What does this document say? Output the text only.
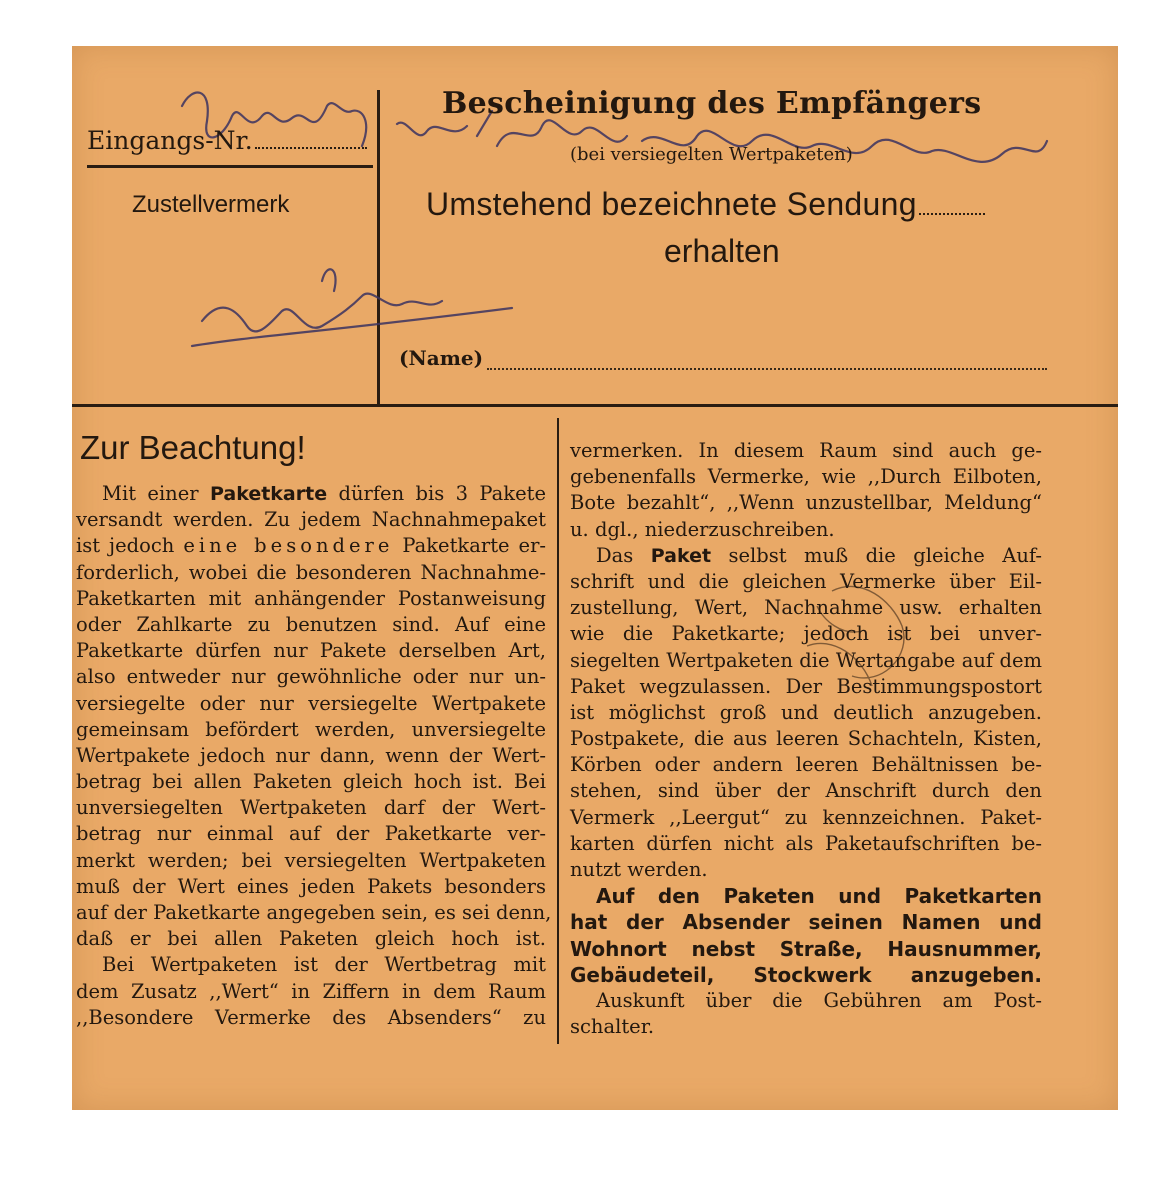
Eingangs-Nr.
Zustellvermerk
Bescheinigung des Empfängers
(bei versiegelten Wertpaketen)
Umstehend bezeichnete Sendung
erhalten
(Name)
Zur Beachtung!
Mit einer Paketkarte dürfen bis 3 Pakete
versandt werden. Zu jedem Nachnahmepaket
ist jedoch eine besondere Paketkarte er-
forderlich, wobei die besonderen Nachnahme-
Paketkarten mit anhängender Postanweisung
oder Zahlkarte zu benutzen sind. Auf eine
Paketkarte dürfen nur Pakete derselben Art,
also entweder nur gewöhnliche oder nur un-
versiegelte oder nur versiegelte Wertpakete
gemeinsam befördert werden, unversiegelte
Wertpakete jedoch nur dann, wenn der Wert-
betrag bei allen Paketen gleich hoch ist. Bei
unversiegelten Wertpaketen darf der Wert-
betrag nur einmal auf der Paketkarte ver-
merkt werden; bei versiegelten Wertpaketen
muß der Wert eines jeden Pakets besonders
auf der Paketkarte angegeben sein, es sei denn,
daß er bei allen Paketen gleich hoch ist.
Bei Wertpaketen ist der Wertbetrag mit
dem Zusatz ,,Wert“ in Ziffern in dem Raum
,,Besondere Vermerke des Absenders“ zu
vermerken. In diesem Raum sind auch ge-
gebenenfalls Vermerke, wie ,,Durch Eilboten,
Bote bezahlt“, ,,Wenn unzustellbar, Meldung“
u. dgl., niederzuschreiben.
Das Paket selbst muß die gleiche Auf-
schrift und die gleichen Vermerke über Eil-
zustellung, Wert, Nachnahme usw. erhalten
wie die Paketkarte; jedoch ist bei unver-
siegelten Wertpaketen die Wertangabe auf dem
Paket wegzulassen. Der Bestimmungspostort
ist möglichst groß und deutlich anzugeben.
Postpakete, die aus leeren Schachteln, Kisten,
Körben oder andern leeren Behältnissen be-
stehen, sind über der Anschrift durch den
Vermerk ,,Leergut“ zu kennzeichnen. Paket-
karten dürfen nicht als Paketaufschriften be-
nutzt werden.
Auf den Paketen und Paketkarten
hat der Absender seinen Namen und
Wohnort nebst Straße, Hausnummer,
Gebäudeteil, Stockwerk anzugeben.
Auskunft über die Gebühren am Post-
schalter.
